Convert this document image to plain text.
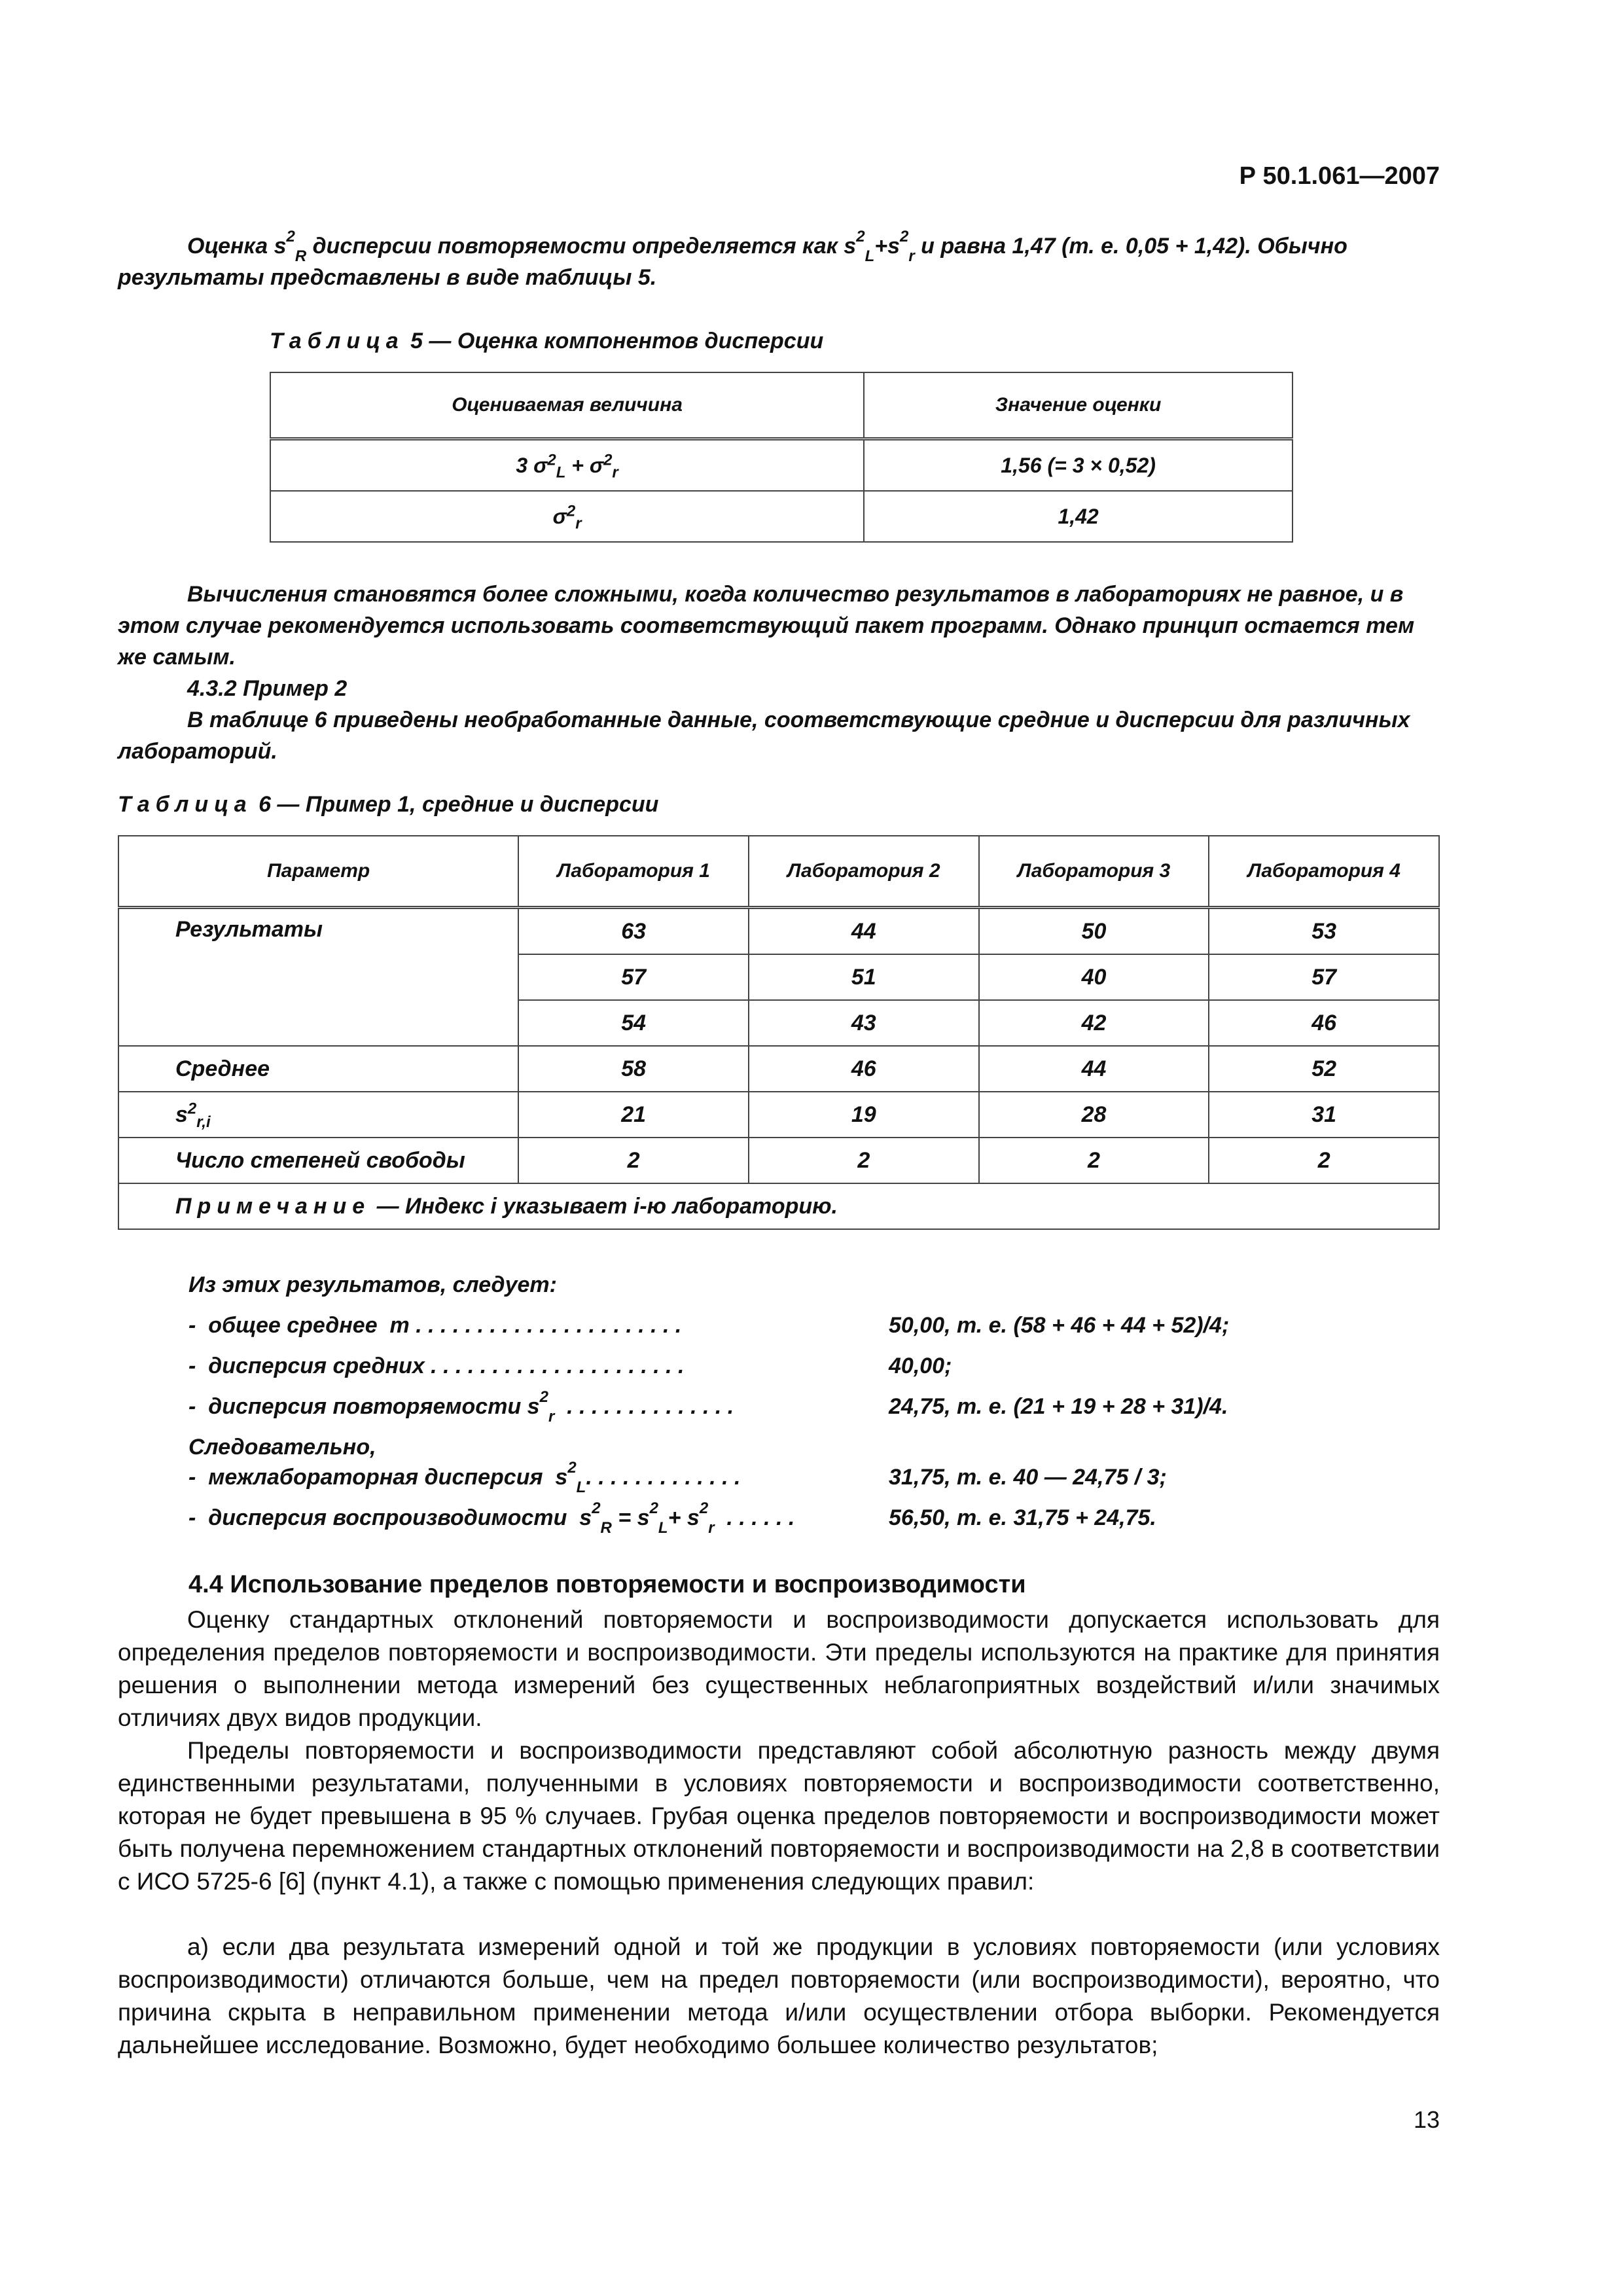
Р 50.1.061—2007
Оценка $s^2_R$ дисперсии повторяемости определяется как $s^2_L+s^2_r$ и равна 1,47 (т. е. 0,05 + 1,42). Обычно результаты представлены в виде таблицы 5.
Таблица 5 — Оценка компонентов дисперсии
Оцениваемая величина	Значение оценки
3 $\sigma^2_L + \sigma^2_r$	1,56 (= 3 × 0,52)
$\sigma^2_r$	1,42
Вычисления становятся более сложными, когда количество результатов в лабораториях не равное, и в этом случае рекомендуется использовать соответствующий пакет программ. Однако принцип остается тем же самым.
4.3.2 Пример 2
В таблице 6 приведены необработанные данные, соответствующие средние и дисперсии для различных лабораторий.
Таблица 6 — Пример 1, средние и дисперсии
Параметр	Лаборатория 1	Лаборатория 2	Лаборатория 3	Лаборатория 4
Результаты	63	44	50	53
	57	51	40	57
	54	43	42	46
Среднее	58	46	44	52
$s^2_{r,i}$	21	19	28	31
Число степеней свободы	2	2	2	2
Примечание — Индекс i указывает i-ю лабораторию.				
Из этих результатов, следует:
-  общее среднее  m . . . . . . . . . . . . . . . . . . . . . .	50,00, т. е. (58 + 46 + 44 + 52)/4;
-  дисперсия средних . . . . . . . . . . . . . . . . . . . . .	40,00;
-  дисперсия повторяемости $s^2_r$  . . . . . . . . . . . . . .	24,75, т. е. (21 + 19 + 28 + 31)/4.
Следовательно,
-  межлабораторная дисперсия  $s^2_L$. . . . . . . . . . . . .	31,75, т. е. 40 — 24,75 / 3;
-  дисперсия воспроизводимости  $s^2_R = s^2_L+ s^2_r$  . . . . . .	56,50, т. е. 31,75 + 24,75.
4.4 Использование пределов повторяемости и воспроизводимости
Оценку стандартных отклонений повторяемости и воспроизводимости допускается использовать для определения пределов повторяемости и воспроизводимости. Эти пределы используются на практике для принятия решения о выполнении метода измерений без существенных неблагоприятных воздействий и/или значимых отличиях двух видов продукции.
Пределы повторяемости и воспроизводимости представляют собой абсолютную разность между двумя единственными результатами, полученными в условиях повторяемости и воспроизводимости соответственно, которая не будет превышена в 95 % случаев. Грубая оценка пределов повторяемости и воспроизводимости может быть получена перемножением стандартных отклонений повторяемости и воспроизводимости на 2,8 в соответствии с ИСО 5725-6 [6] (пункт 4.1), а также с помощью применения следующих правил:
а) если два результата измерений одной и той же продукции в условиях повторяемости (или условиях воспроизводимости) отличаются больше, чем на предел повторяемости (или воспроизводимости), вероятно, что причина скрыта в неправильном применении метода и/или осуществлении отбора выборки. Рекомендуется дальнейшее исследование. Возможно, будет необходимо большее количество результатов;
13
